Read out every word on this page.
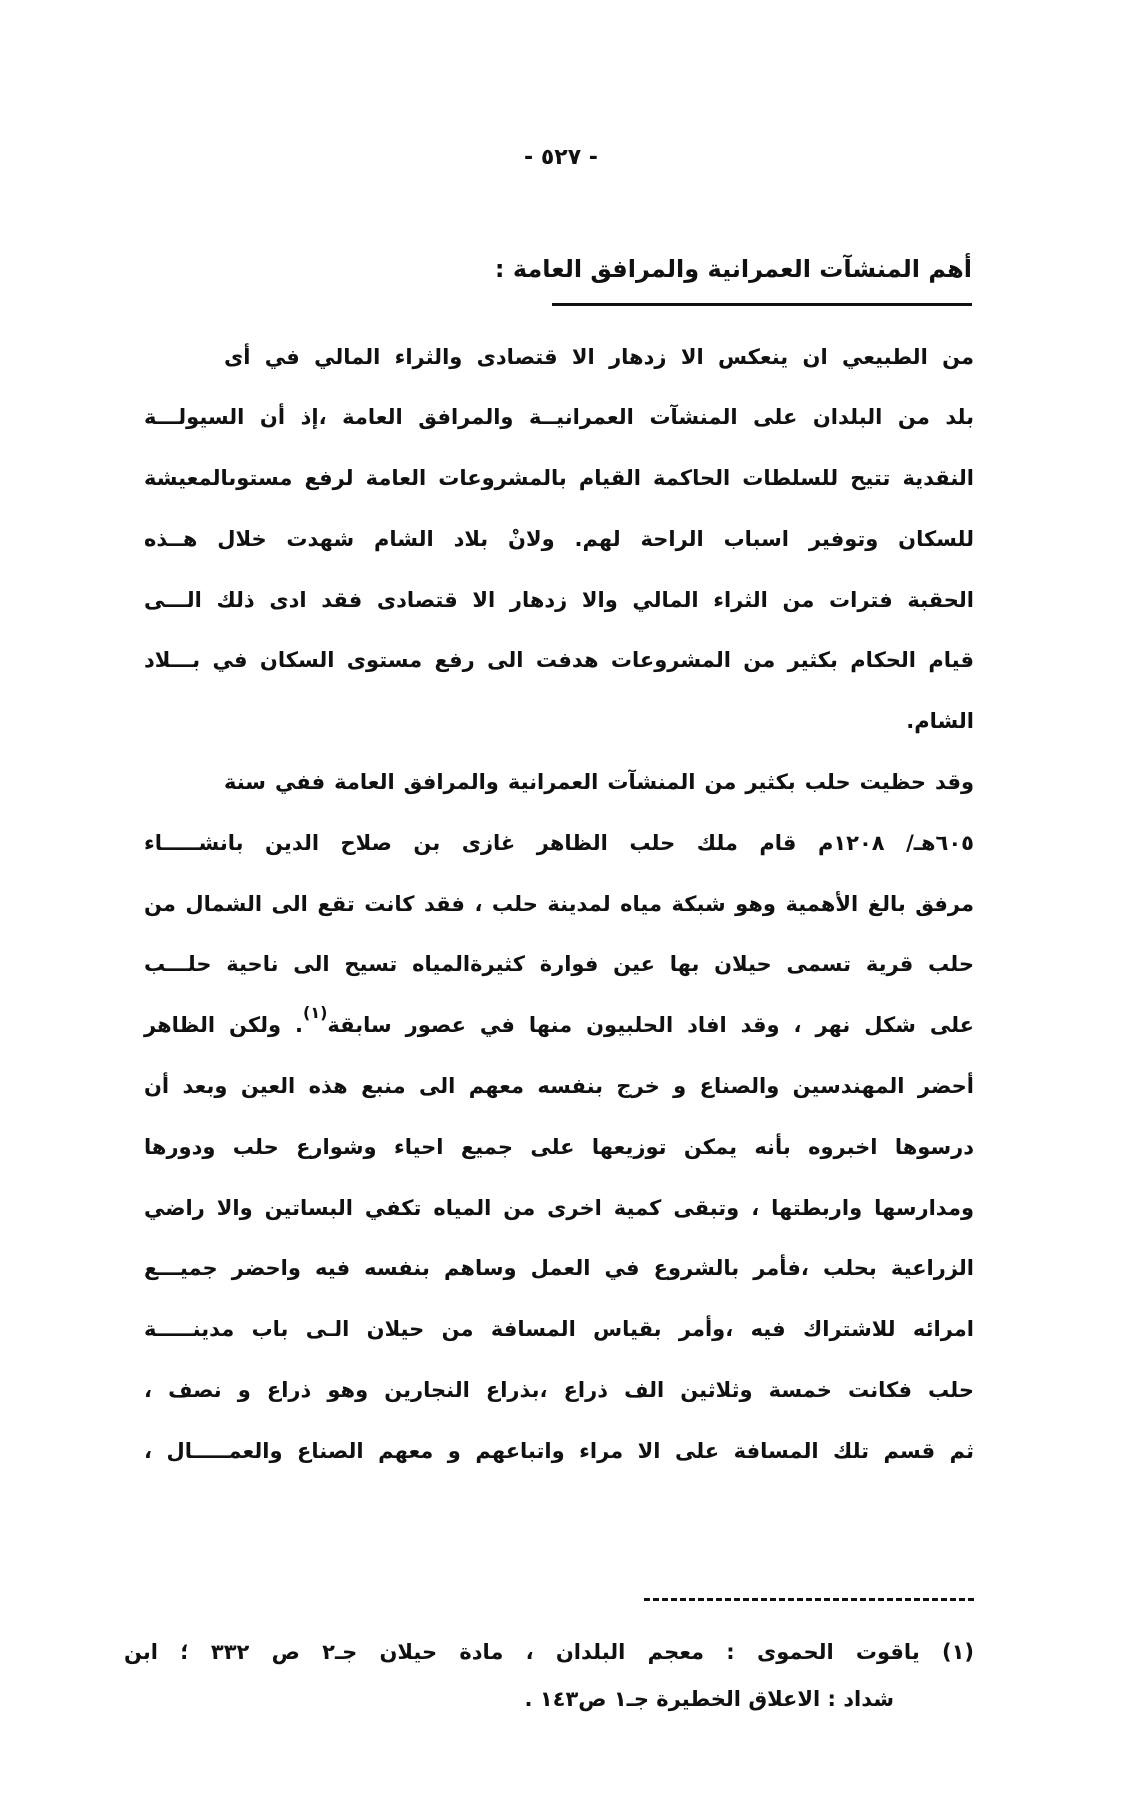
- ٥٢٧ -
أهم المنشآت العمرانية والمرافق العامة :
من الطبيعي ان ينعكس الا زدهار الا قتصادى والثراء المالي في أى
بلد من البلدان على المنشآت العمرانيــة والمرافق العامة ،إذ أن السيولـــة
النقدية تتيح للسلطات الحاكمة القيام بالمشروعات العامة لرفع مستوىالمعيشة
للسكان وتوفير اسباب الراحة لهم. ولانْ بلاد الشام شهدت خلال هــذه
الحقبة فترات من الثراء المالي والا زدهار الا قتصادى فقد ادى ذلك الـــى
قيام الحكام بكثير من المشروعات هدفت الى رفع مستوى السكان في بـــلاد
الشام.
وقد حظيت حلب بكثير من المنشآت العمرانية والمرافق العامة ففي سنة
٦٠٥هـ/ ١٢٠٨م قام ملك حلب الظاهر غازى بن صلاح الدين بانشـــــاء
مرفق بالغ الأهمية وهو شبكة مياه لمدينة حلب ، فقد كانت تقع الى الشمال من
حلب قرية تسمى حيلان بها عين فوارة كثيرةالمياه تسيح الى ناحية حلـــب
على شكل نهر ، وقد افاد الحلبيون منها في عصور سابقة$^{(١)}$. ولكن الظاهر
أحضر المهندسين والصناع و خرج بنفسه معهم الى منبع هذه العين وبعد أن
درسوها اخبروه بأنه يمكن توزيعها على جميع احياء وشوارع حلب ودورها
ومدارسها واربطتها ، وتبقى كمية اخرى من المياه تكفي البساتين والا راضي
الزراعية بحلب ،فأمر بالشروع في العمل وساهم بنفسه فيه واحضر جميـــع
امرائه للاشتراك فيه ،وأمر بقياس المسافة من حيلان الـى باب مدينـــــة
حلب فكانت خمسة وثلاثين الف ذراع ،بذراع النجارين وهو ذراع و نصف ،
ثم قسم تلك المسافة على الا مراء واتباعهم و معهم الصناع والعمـــــال ،
(١) ياقوت الحموى : معجم البلدان ، مادة حيلان جـ٢ ص ٣٣٢ ؛ ابن
شداد : الاعلاق الخطيرة جـ١ ص١٤٣ .
